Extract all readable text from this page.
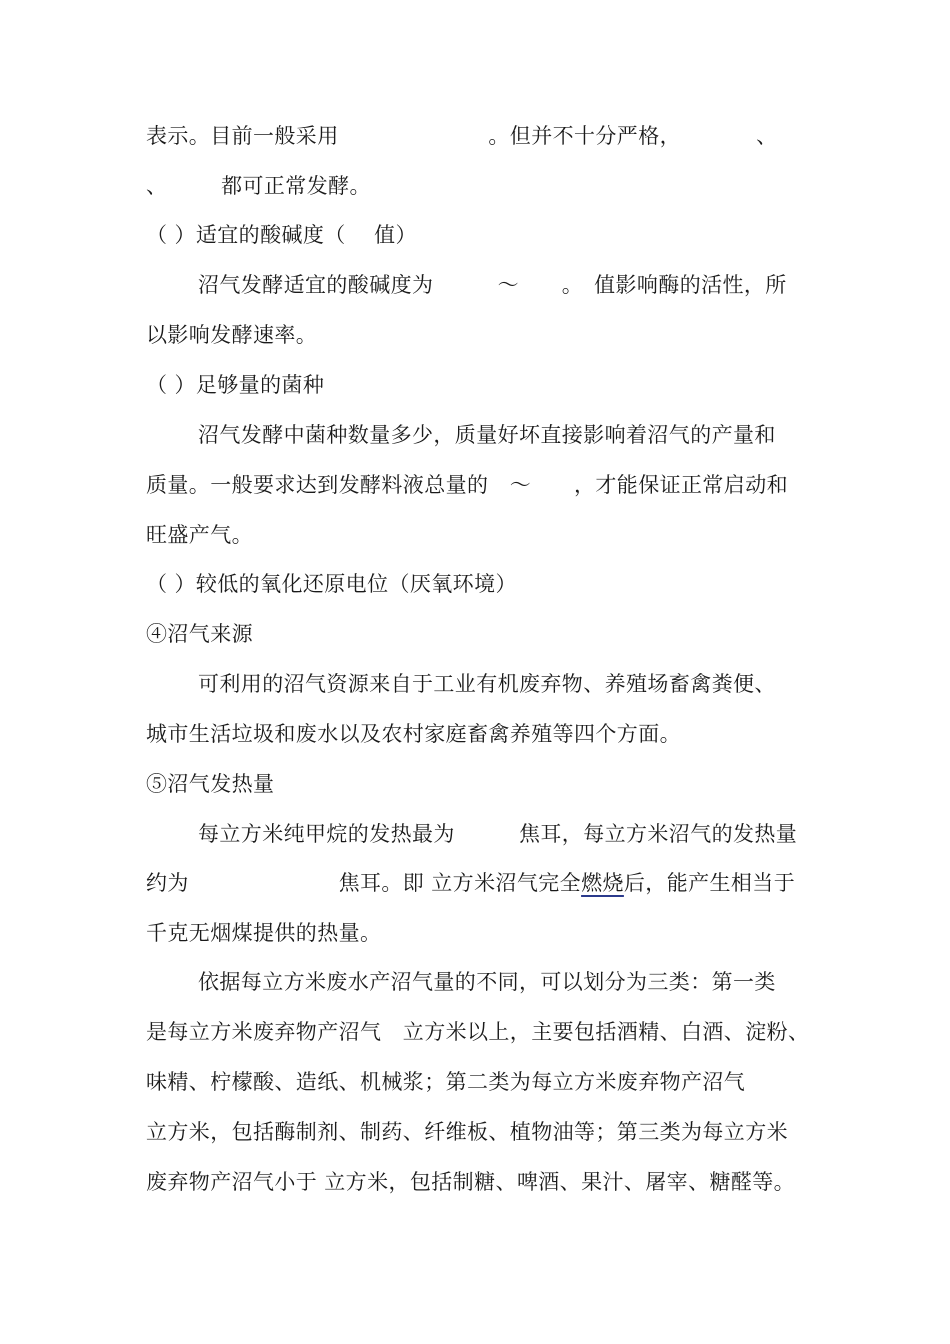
表示。目前一般采用　　　　　　　。但并不十分严格，　　　　、
、　　　都可正常发酵。
（ ）适宜的酸碱度（　 值）
沼气发酵适宜的酸碱度为　　　～　　。　值影响酶的活性，所
以影响发酵速率。
（ ）足够量的菌种
沼气发酵中菌种数量多少，质量好坏直接影响着沼气的产量和
质量。一般要求达到发酵料液总量的　～　　，才能保证正常启动和
旺盛产气。
（ ）较低的氧化还原电位（厌氧环境）
④沼气来源
可利用的沼气资源来自于工业有机废弃物、养殖场畜禽粪便、
城市生活垃圾和废水以及农村家庭畜禽养殖等四个方面。
⑤沼气发热量
每立方米纯甲烷的发热最为　　　焦耳，每立方米沼气的发热量
约为　　　　　　　焦耳。即 立方米沼气完全燃烧后，能产生相当于
千克无烟煤提供的热量。
依据每立方米废水产沼气量的不同，可以划分为三类：第一类
是每立方米废弃物产沼气　立方米以上，主要包括酒精、白酒、淀粉、
味精、柠檬酸、造纸、机械浆；第二类为每立方米废弃物产沼气
立方米，包括酶制剂、制药、纤维板、植物油等；第三类为每立方米
废弃物产沼气小于 立方米，包括制糖、啤酒、果汁、屠宰、糖醛等。
